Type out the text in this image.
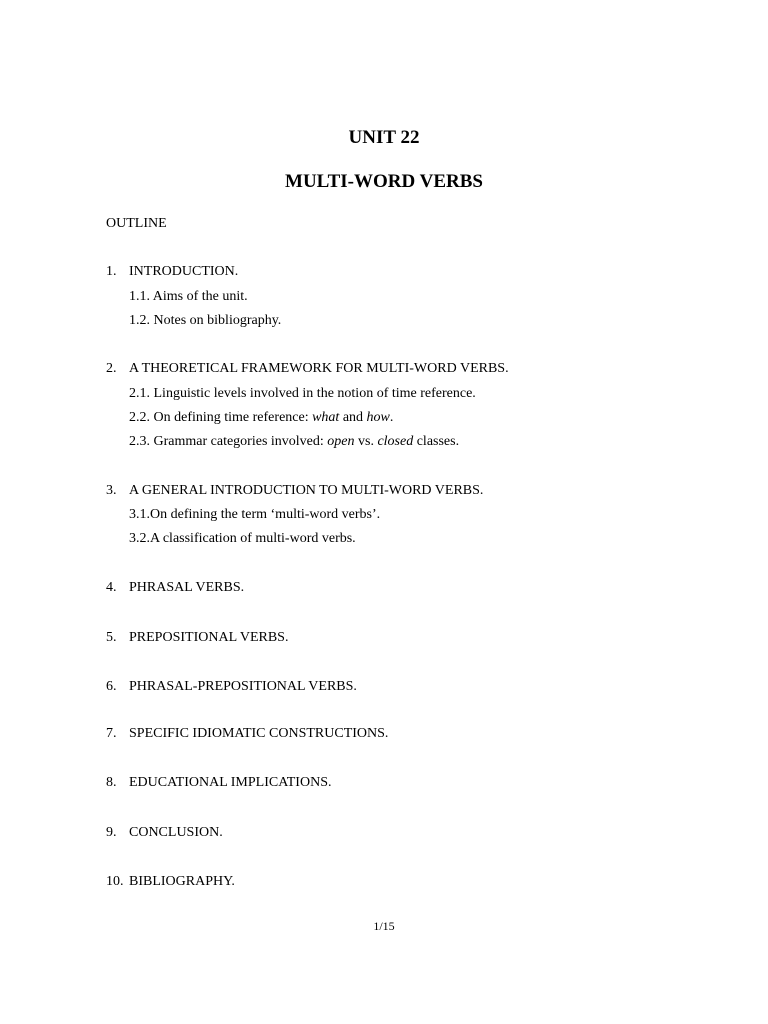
UNIT 22
MULTI-WORD VERBS
OUTLINE
1. INTRODUCTION.
1.1. Aims of the unit.
1.2. Notes on bibliography.
2. A THEORETICAL FRAMEWORK FOR MULTI-WORD VERBS.
2.1. Linguistic levels involved in the notion of time reference.
2.2. On defining time reference: what and how.
2.3. Grammar categories involved: open vs. closed classes.
3. A GENERAL INTRODUCTION TO MULTI-WORD VERBS.
3.1.On defining the term ‘multi-word verbs’.
3.2.A classification of multi-word verbs.
4. PHRASAL VERBS.
5. PREPOSITIONAL VERBS.
6. PHRASAL-PREPOSITIONAL VERBS.
7. SPECIFIC IDIOMATIC CONSTRUCTIONS.
8. EDUCATIONAL IMPLICATIONS.
9. CONCLUSION.
10. BIBLIOGRAPHY.
1/15
